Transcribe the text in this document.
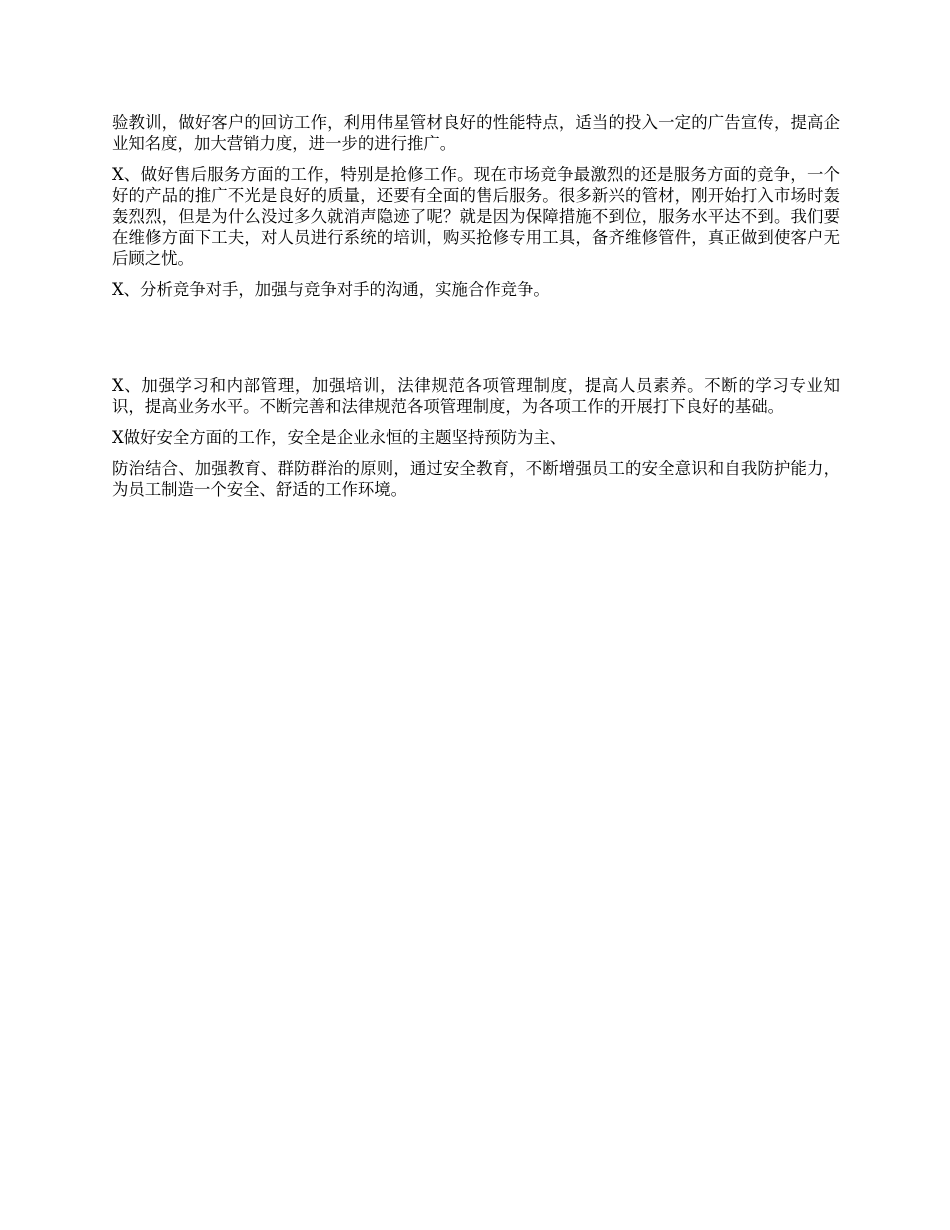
验教训，做好客户的回访工作，利用伟星管材良好的性能特点，适当的投入一定的广告宣传，提高企业知名度，加大营销力度，进一步的进行推广。

X、做好售后服务方面的工作，特别是抢修工作。现在市场竞争最激烈的还是服务方面的竞争，一个好的产品的推广不光是良好的质量，还要有全面的售后服务。很多新兴的管材，刚开始打入市场时轰轰烈烈，但是为什么没过多久就消声隐迹了呢？就是因为保障措施不到位，服务水平达不到。我们要在维修方面下工夫，对人员进行系统的培训，购买抢修专用工具，备齐维修管件，真正做到使客户无后顾之忧。

X、分析竞争对手，加强与竞争对手的沟通，实施合作竞争。

X、加强学习和内部管理，加强培训，法律规范各项管理制度，提高人员素养。不断的学习专业知识，提高业务水平。不断完善和法律规范各项管理制度，为各项工作的开展打下良好的基础。

X做好安全方面的工作，安全是企业永恒的主题坚持预防为主、

防治结合、加强教育、群防群治的原则，通过安全教育，不断增强员工的安全意识和自我防护能力，为员工制造一个安全、舒适的工作环境。
